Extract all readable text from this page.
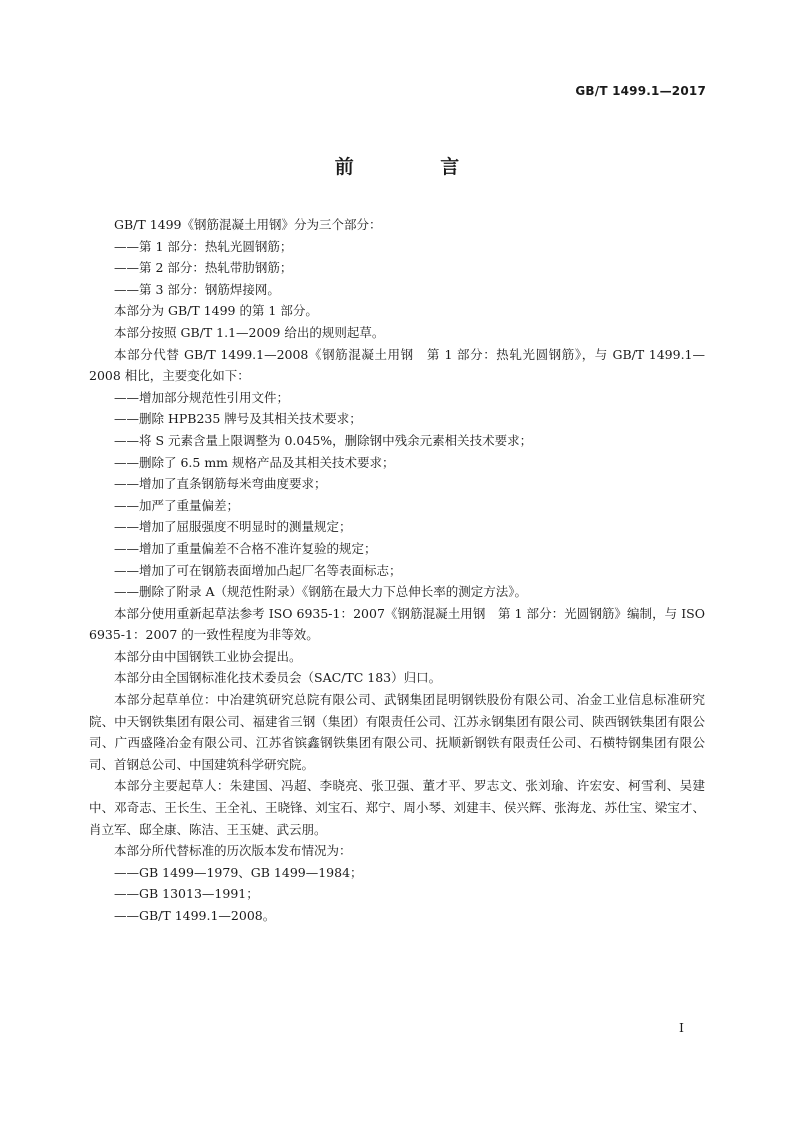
GB/T 1499.1—2017
前 言

GB/T 1499《钢筋混凝土用钢》分为三个部分：

——第 1 部分：热轧光圆钢筋；

——第 2 部分：热轧带肋钢筋；

——第 3 部分：钢筋焊接网。

本部分为 GB/T 1499 的第 1 部分。

本部分按照 GB/T 1.1—2009 给出的规则起草。

本部分代替 GB/T 1499.1—2008《钢筋混凝土用钢　第 1 部分：热轧光圆钢筋》，与 GB/T 1499.1—2008 相比，主要变化如下：

——增加部分规范性引用文件；

——删除 HPB235 牌号及其相关技术要求；

——将 S 元素含量上限调整为 0.045%，删除钢中残余元素相关技术要求；

——删除了 6.5 mm 规格产品及其相关技术要求；

——增加了直条钢筋每米弯曲度要求；

——加严了重量偏差；

——增加了屈服强度不明显时的测量规定；

——增加了重量偏差不合格不准许复验的规定；

——增加了可在钢筋表面增加凸起厂名等表面标志；

——删除了附录 A（规范性附录）《钢筋在最大力下总伸长率的测定方法》。

本部分使用重新起草法参考 ISO 6935-1：2007《钢筋混凝土用钢　第 1 部分：光圆钢筋》编制，与 ISO 6935-1：2007 的一致性程度为非等效。

本部分由中国钢铁工业协会提出。

本部分由全国钢标准化技术委员会（SAC/TC 183）归口。

本部分起草单位：中冶建筑研究总院有限公司、武钢集团昆明钢铁股份有限公司、冶金工业信息标准研究院、中天钢铁集团有限公司、福建省三钢（集团）有限责任公司、江苏永钢集团有限公司、陕西钢铁集团有限公司、广西盛隆冶金有限公司、江苏省镔鑫钢铁集团有限公司、抚顺新钢铁有限责任公司、石横特钢集团有限公司、首钢总公司、中国建筑科学研究院。

本部分主要起草人：朱建国、冯超、李晓亮、张卫强、董才平、罗志文、张刘瑜、许宏安、柯雪利、吴建中、邓奇志、王长生、王全礼、王晓锋、刘宝石、郑宁、周小琴、刘建丰、侯兴辉、张海龙、苏仕宝、梁宝才、肖立军、邸全康、陈洁、王玉婕、武云朋。

本部分所代替标准的历次版本发布情况为：

——GB 1499—1979、GB 1499—1984；

——GB 13013—1991；

——GB/T 1499.1—2008。

I
